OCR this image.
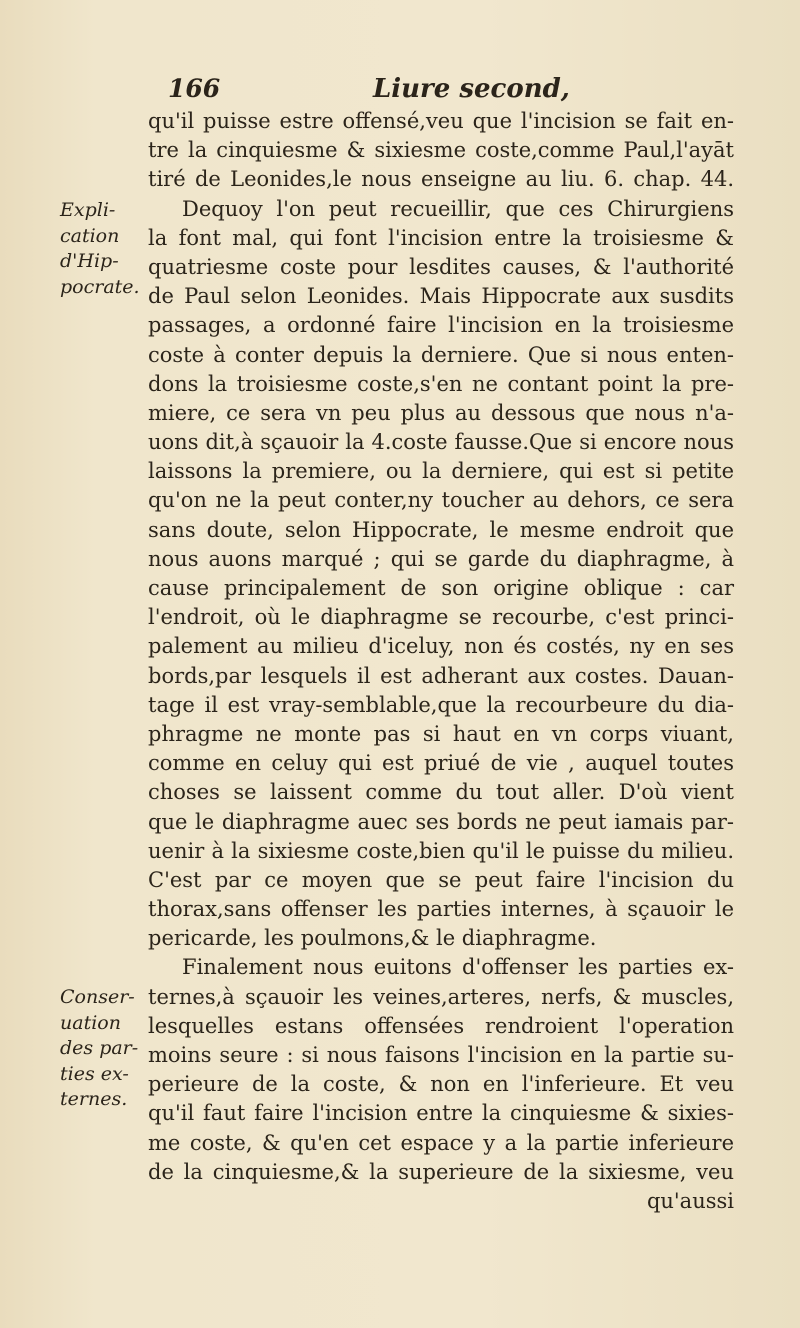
166	Liure second,
Expli-
cation
d'Hip-
pocrate.
Conser-
uation
des par-
ties ex-
ternes.
qu'il puisse estre offensé,veu que l'incision se fait en-
tre la cinquiesme & sixiesme coste,comme Paul,l'ayāt
tiré de Leonides,le nous enseigne au liu. 6. chap. 44.
Dequoy l'on peut recueillir, que ces Chirurgiens
la font mal, qui font l'incision entre la troisiesme &
quatriesme coste pour lesdites causes, & l'authorité
de Paul selon Leonides. Mais Hippocrate aux susdits
passages, a ordonné faire l'incision en la troisiesme
coste à conter depuis la derniere. Que si nous enten-
dons la troisiesme coste,s'en ne contant point la pre-
miere, ce sera vn peu plus au dessous que nous n'a-
uons dit,à sçauoir la 4.coste fausse.Que si encore nous
laissons la premiere, ou la derniere, qui est si petite
qu'on ne la peut conter,ny toucher au dehors, ce sera
sans doute, selon Hippocrate, le mesme endroit que
nous auons marqué ; qui se garde du diaphragme, à
cause principalement de son origine oblique : car
l'endroit, où le diaphragme se recourbe, c'est princi-
palement au milieu d'iceluy, non és costés, ny en ses
bords,par lesquels il est adherant aux costes. Dauan-
tage il est vray-semblable,que la recourbeure du dia-
phragme ne monte pas si haut en vn corps viuant,
comme en celuy qui est priué de vie , auquel toutes
choses se laissent comme du tout aller. D'où vient
que le diaphragme auec ses bords ne peut iamais par-
uenir à la sixiesme coste,bien qu'il le puisse du milieu.
C'est par ce moyen que se peut faire l'incision du
thorax,sans offenser les parties internes, à sçauoir le
pericarde, les poulmons,& le diaphragme.
Finalement nous euitons d'offenser les parties ex-
ternes,à sçauoir les veines,arteres, nerfs, & muscles,
lesquelles estans offensées rendroient l'operation
moins seure : si nous faisons l'incision en la partie su-
perieure de la coste, & non en l'inferieure. Et veu
qu'il faut faire l'incision entre la cinquiesme & sixies-
me coste, & qu'en cet espace y a la partie inferieure
de la cinquiesme,& la superieure de la sixiesme, veu
qu'aussi
